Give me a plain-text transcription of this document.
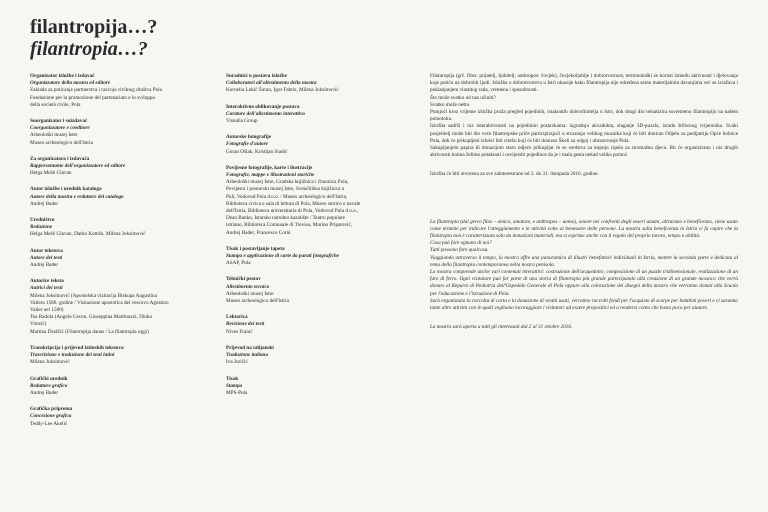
filantropija…?
filantropia…?
Organizator izložbe i izdavač
Organizzatore della mostra ed editore
Zaklada za poticanje partnerstva i razvoja civilnog društva Pula
Fondazione per la promozione del partenariato e lo sviluppo
della società civile, Pola
Suorganizator i suizdavač
Coorganizzatore e coeditore
Arheološki muzej Istre
Museo archeologico dell'Istria
Za organizatora i izdavača
Rappresentante dell'organizzatore ed editore
Helga Mežé Glavan
Autor izložbe i urednik kataloga
Autore della mostra e redattore del catalogo
Andrej Bader
Uredništvo
Redazione
Helga Mežé Glavan, Darko Komšo, Milena Joksimović
Autor tekstova
Autore dei testi
Andrej Bader
Autorice teksta
Autrici dei testi
Milena Joksimović (Apostolska vizitacija Biskupa Augustina
Valiera 1580. godine / Visitazione apostolica del vescovo Agostino
Valier nel 1580)
Tea Radola (Angelo Cecon, Giuseppina Martinuzzi, Dinko
Vitezić)
Martina Dražčić (Filantropija danas / La filantropia oggi)
Transkripcija i prijevod latinskih tekstova
Trascrizione e traduzione dei testi latini
Milena Joksimović
Grafički urednik
Redattore grafico
Andrej Bader
Grafička priprema
Concezione grafica
Teddy-Lee Akelić
Suradnici u postavu izložbe
Collaboratori all'allestimento della mostra
Kornelia Lukić Šuran, Igor Fabris, Milena Joksimović
Interaktivno oblikovanje postava
Curatore dell'allestimento interattivo
Visualia Group
Autorske fotografije
Fotografie d'autore
Goran Ošlak, Kristijan Sladić
Povijesne fotografije, karte i ilustracije
Fotografie, mappe e illustrazioni storiche
Arheološki muzej Istre, Gradska knjižnica i čitaonica Pula,
Povijesni i pomorski muzej Istre, Sveučilišna knjižnica u
Puli, Vodovod Pula d.o.o. / Museo archeologico dell'Istria,
Biblioteca civica e sala di lettura di Pola, Museo storico e navale
dell'Istria, Biblioteca universitaria di Pola, Vodovod Pula d.o.o.,
Dean Banko, Istarsko narodno kazalište / Teatro popolare
istriano, Biblioteca Comunale di Treviso, Marino Pripatović,
Andrej Bader, Francesco Corni
Tisak i postavljanje tapeta
Stampa e applicazione di carte da parati fotografiche
ASAP, Pula
Tehnički postav
Allestimento tecnico
Arheološki muzej Istre
Museo archeologico dell'Istria
Lektorica
Revisione dei testi
Nives Franić
Prijevod na talijanski
Traduzione italiana
Iva Juričić
Tisak
Stampa
MPS-Pula
Filantropija (grč. filos: prijatelj, ljubitelj; anthropos: čovjek), čovjekoljublje i dobrotvornost, terminološki se koristi između aktivnosti i djelovanja koje potiču na dobrobit ljudi. Izložba o dobrotvorstvu u Istri ukazuje kako filantropija nije određena samo materijalnim davanjima već se izražava i poklanjanjem vlastitog rada, vremena i sposobnosti.
Što može svatko od nas učiniti?
Svatko može nešto.
Putujući kroz vrijeme izložba pruža pregled pojedinih, istaknutih dobročinitelja u Istri, dok drugi dio tematizira suvremenu filantropiju na našem poluotoku.
Izložba sadrži i niz interaktivnosti na pojedinim postavkama: izgradnju akvadukta, slaganje 3D-puzzla, izradu štifornog vrijetonika. Svaki posjetitelj može biti dio veće filantropske priče participirajući u stvaranju velikog mozaika koji će biti doniran Odjelu za pedijatriju Opće bolnice Pula, dok će prikupljeni izlošci biti crtežu koji će biti doniran Školi za odgoj i obrazovanje Pula.
Sakupljanjem papira ili donacijom staro odjeće prikupljat će se sredstva za kupnju cipela za siromašnu djecu. Bit će organizirano i niz drugih aktivnosti koima želimo potaknuti i osvijestiti pojedince da je i mala gesta nekad velika pomoć.
Izložba će biti otvorena za sve zainteresirane od 2. do 31. listopada 2016. godine.
La filantropia (dal greco filos – amico, amatore, e anthropos – uomo), amore nei confronti degli esseri umani, altruismo e beneficenza, viene usato come termine per indicare l'atteggiamento e le attività volte al benessere delle persone. La mostra sulla beneficenza in Istria ci fa capire che la filantropia non è caratterizzata solo da donazioni materiali, ma si esprime anche con il regalo del proprio lavoro, tempo e abilità.
Cosa può fare ognuno di noi?
Tutti possono fare qualcosa.
Viaggiando attraverso il tempo, la mostra offre una panoramica di illustri benefattori individuali in Istria, mentre la seconda parte è dedicata al tema della filantropia contemporanea nella nostra penisola.
La mostra comprende anche vari contenuti interattivi: costruzione dell'acquedotto, composizione di un puzzle tridimensionale, realizzazione di un faro di ferro. Ogni visitatore può far parte di una storia di filantropia più grande partecipando alla creazione di un grande mosaico che verrà donato al Reparto di Pediatria dell'Ospedale Generale di Pola oppure alla colorazione dei disegni della mostra che verranno donati alla Scuola per l'educazione e l'istruzione di Pola.
Sarà organizzata la raccolta di carta e la donazione di vestiti usati, verranno raccolti fondi per l'acquisto di scarpe per bambini poveri e ci saranno tante altre attività con le quali vogliamo incoraggiare i visitatori ad essere propositivi ed a rendersi conto che basta poco per aiutare.
La mostra sarà aperta a tutti gli interessati dal 2 al 31 ottobre 2016.
